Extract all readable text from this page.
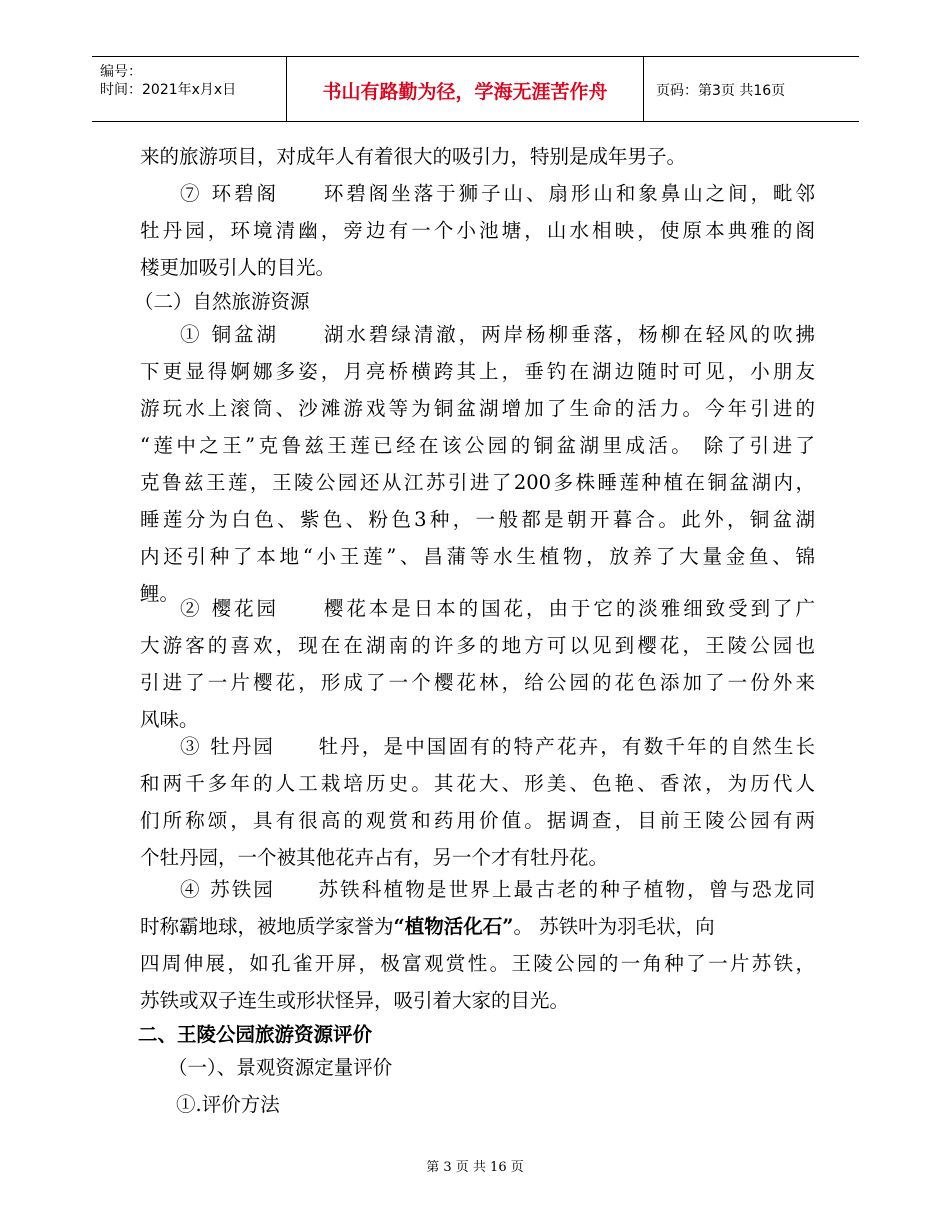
编号：
时间：2021年x月x日	书山有路勤为径，学海无涯苦作舟	页码：第3页 共16页
来的旅游项目，对成年人有着很大的吸引力，特别是成年男子。
⑦ 环碧阁　　环碧阁坐落于狮子山、扇形山和象鼻山之间，毗邻
牡丹园，环境清幽，旁边有一个小池塘，山水相映，使原本典雅的阁
楼更加吸引人的目光。
（二）自然旅游资源
① 铜盆湖　　湖水碧绿清澈，两岸杨柳垂落，杨柳在轻风的吹拂
下更显得婀娜多姿，月亮桥横跨其上，垂钓在湖边随时可见，小朋友
游玩水上滚筒、沙滩游戏等为铜盆湖增加了生命的活力。今年引进的
“莲中之王”克鲁兹王莲已经在该公园的铜盆湖里成活。 除了引进了
克鲁兹王莲，王陵公园还从江苏引进了200多株睡莲种植在铜盆湖内，
睡莲分为白色、紫色、粉色3种，一般都是朝开暮合。此外，铜盆湖
内还引种了本地“小王莲”、昌蒲等水生植物，放养了大量金鱼、锦
鲤。
② 樱花园　　樱花本是日本的国花，由于它的淡雅细致受到了广
大游客的喜欢，现在在湖南的许多的地方可以见到樱花，王陵公园也
引进了一片樱花，形成了一个樱花林，给公园的花色添加了一份外来
风味。
③ 牡丹园　　牡丹，是中国固有的特产花卉，有数千年的自然生长
和两千多年的人工栽培历史。其花大、形美、色艳、香浓，为历代人
们所称颂，具有很高的观赏和药用价值。据调查，目前王陵公园有两
个牡丹园，一个被其他花卉占有，另一个才有牡丹花。
④ 苏铁园　　苏铁科植物是世界上最古老的种子植物，曾与恐龙同
时称霸地球，被地质学家誉为“植物活化石”。 苏铁叶为羽毛状，向
四周伸展，如孔雀开屏，极富观赏性。王陵公园的一角种了一片苏铁，
苏铁或双子连生或形状怪异，吸引着大家的目光。
二、王陵公园旅游资源评价
（一）、景观资源定量评价
①.评价方法
第 3 页 共 16 页
